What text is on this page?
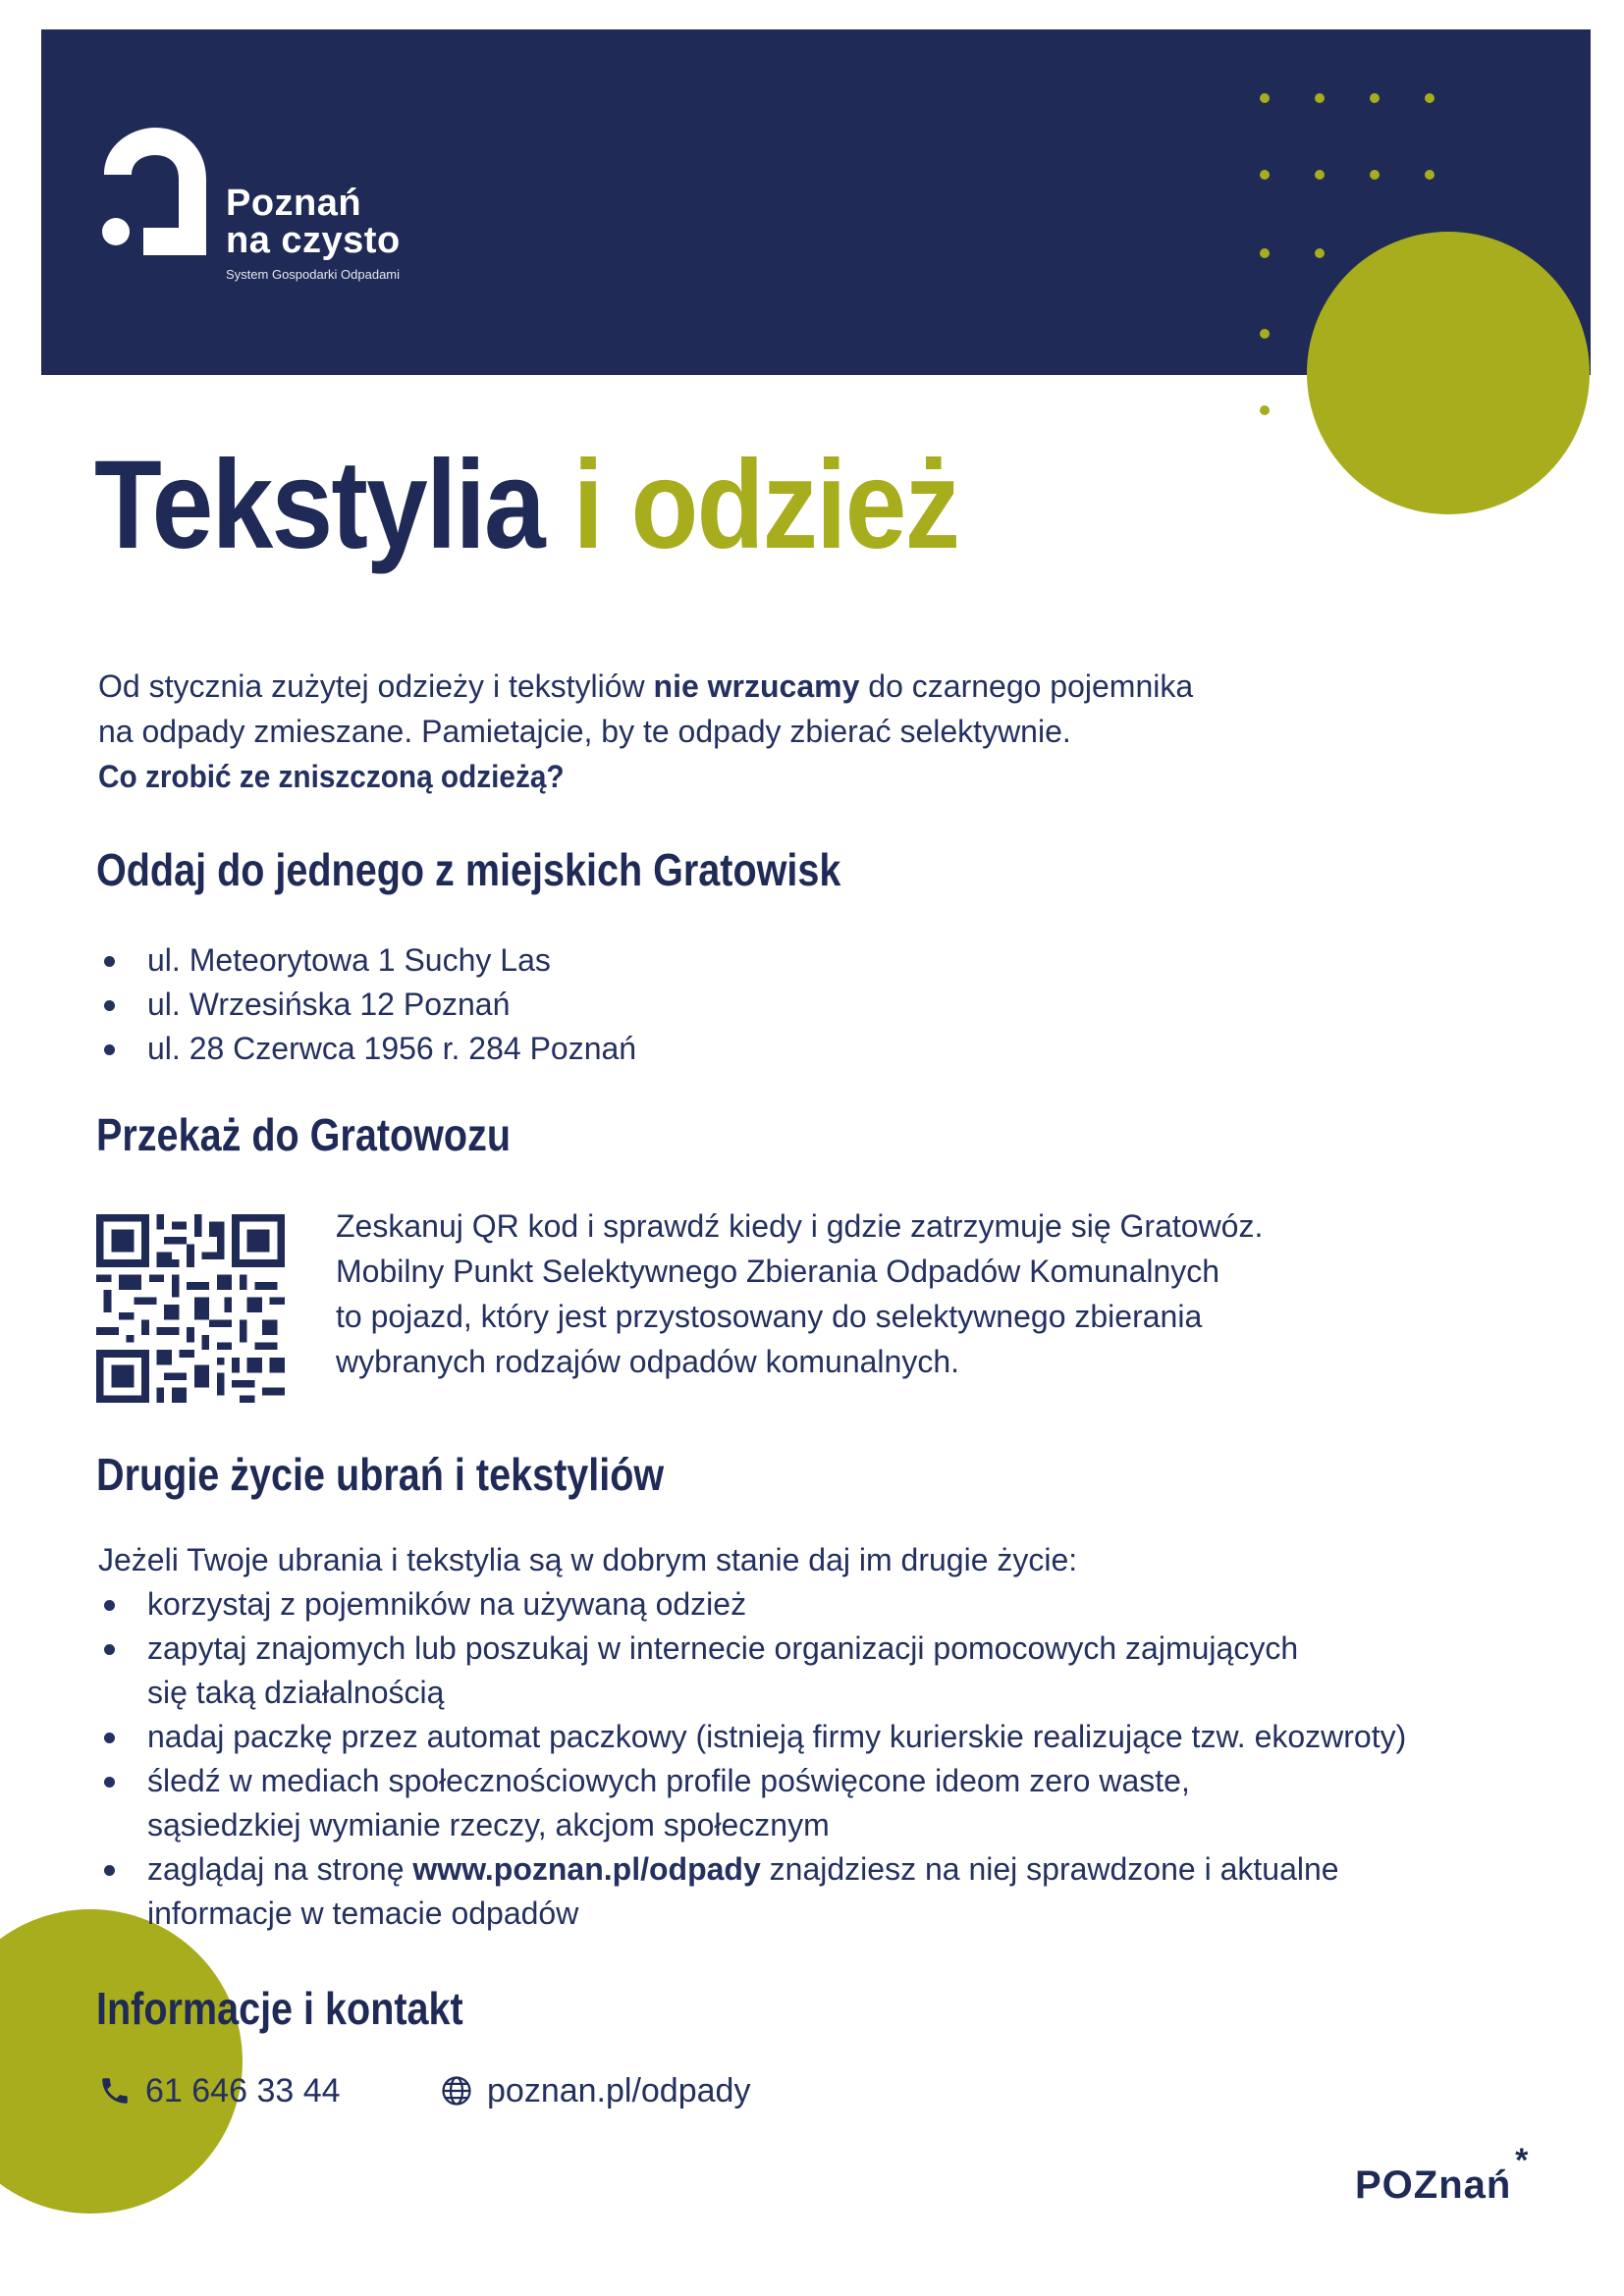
Poznań
na czysto
System Gospodarki Odpadami
Tekstylia i odzież

Od stycznia zużytej odzieży i tekstyliów nie wrzucamy do czarnego pojemnika

na odpady zmieszane. Pamietajcie, by te odpady zbierać selektywnie.

Co zrobić ze zniszczoną odzieżą?

Oddaj do jednego z miejskich Gratowisk
ul. Meteorytowa 1 Suchy Las
ul. Wrzesińska 12 Poznań
ul. 28 Czerwca 1956 r. 284 Poznań
Przekaż do Gratowozu

Zeskanuj QR kod i sprawdź kiedy i gdzie zatrzymuje się Gratowóz.

Mobilny Punkt Selektywnego Zbierania Odpadów Komunalnych

to pojazd, który jest przystosowany do selektywnego zbierania

wybranych rodzajów odpadów komunalnych.

Drugie życie ubrań i tekstyliów

Jeżeli Twoje ubrania i tekstylia są w dobrym stanie daj im drugie życie:

korzystaj z pojemników na używaną odzież
zapytaj znajomych lub poszukaj w internecie organizacji pomocowych zajmujących
się taką działalnością
nadaj paczkę przez automat paczkowy (istnieją firmy kurierskie realizujące tzw. ekozwroty)
śledź w mediach społecznościowych profile poświęcone ideom zero waste,
sąsiedzkiej wymianie rzeczy, akcjom społecznym
zaglądaj na stronę www.poznan.pl/odpady znajdziesz na niej sprawdzone i aktualne
informacje w temacie odpadów
Informacje i kontakt
61 646 33 44	poznan.pl/odpady
POZnań
*
